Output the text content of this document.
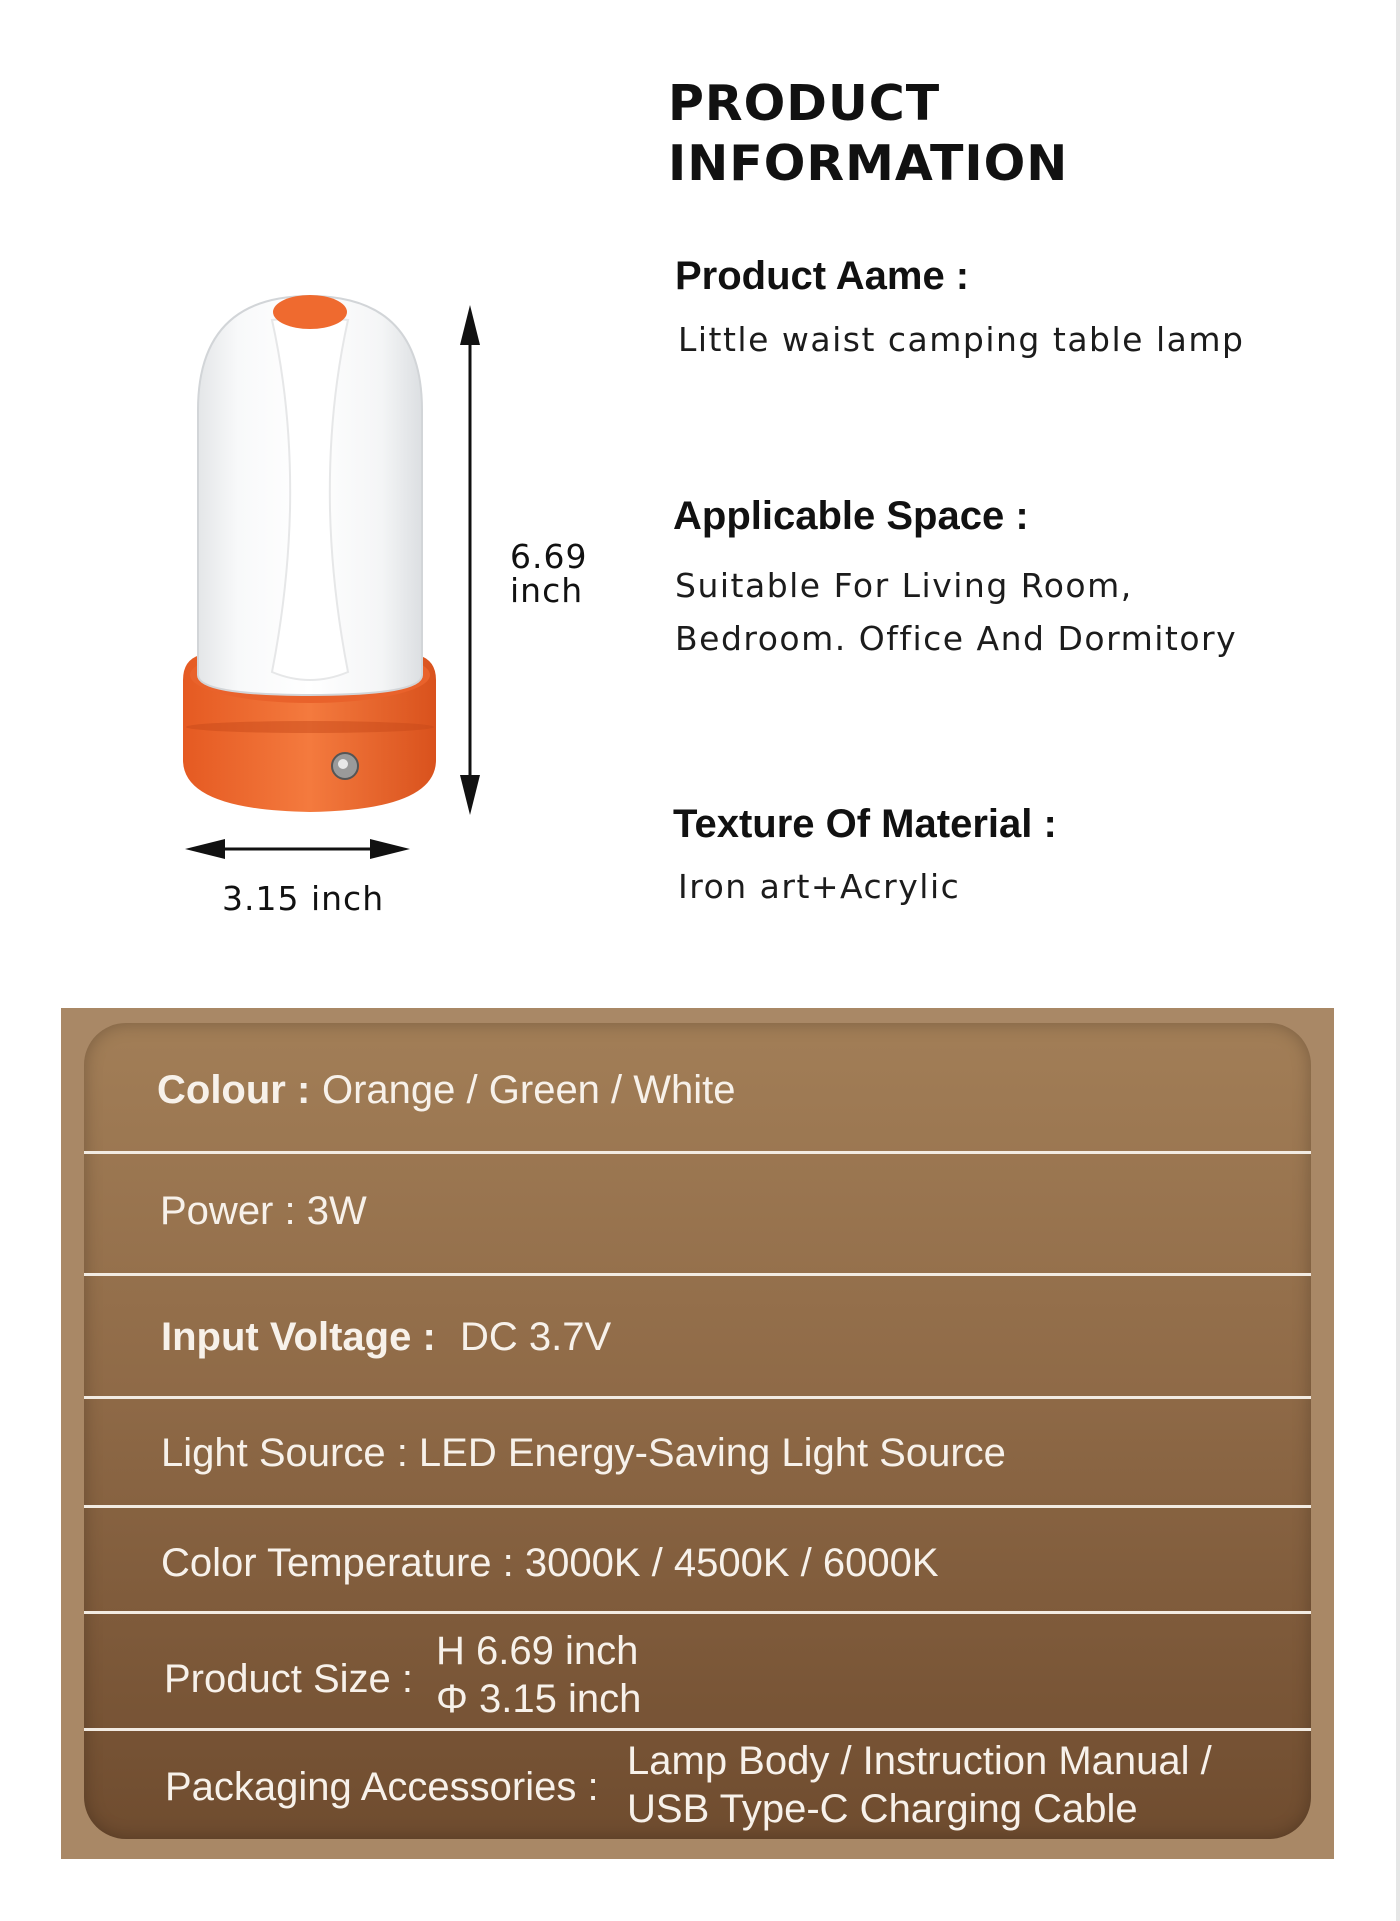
PRODUCT
INFORMATION
Product Aame :
Little waist camping table lamp
Applicable Space :
Suitable For Living Room,
Bedroom. Office And Dormitory
Texture Of Material :
Iron art+Acrylic
6.69
inch
3.15 inch
Colour : Orange / Green / White
Power : 3W
Input Voltage : DC 3.7V
Light Source : LED Energy-Saving Light Source
Color Temperature : 3000K / 4500K / 6000K
Product Size :
H 6.69 inch
Φ 3.15 inch
Packaging Accessories :
Lamp Body / Instruction Manual /
USB Type-C Charging Cable
